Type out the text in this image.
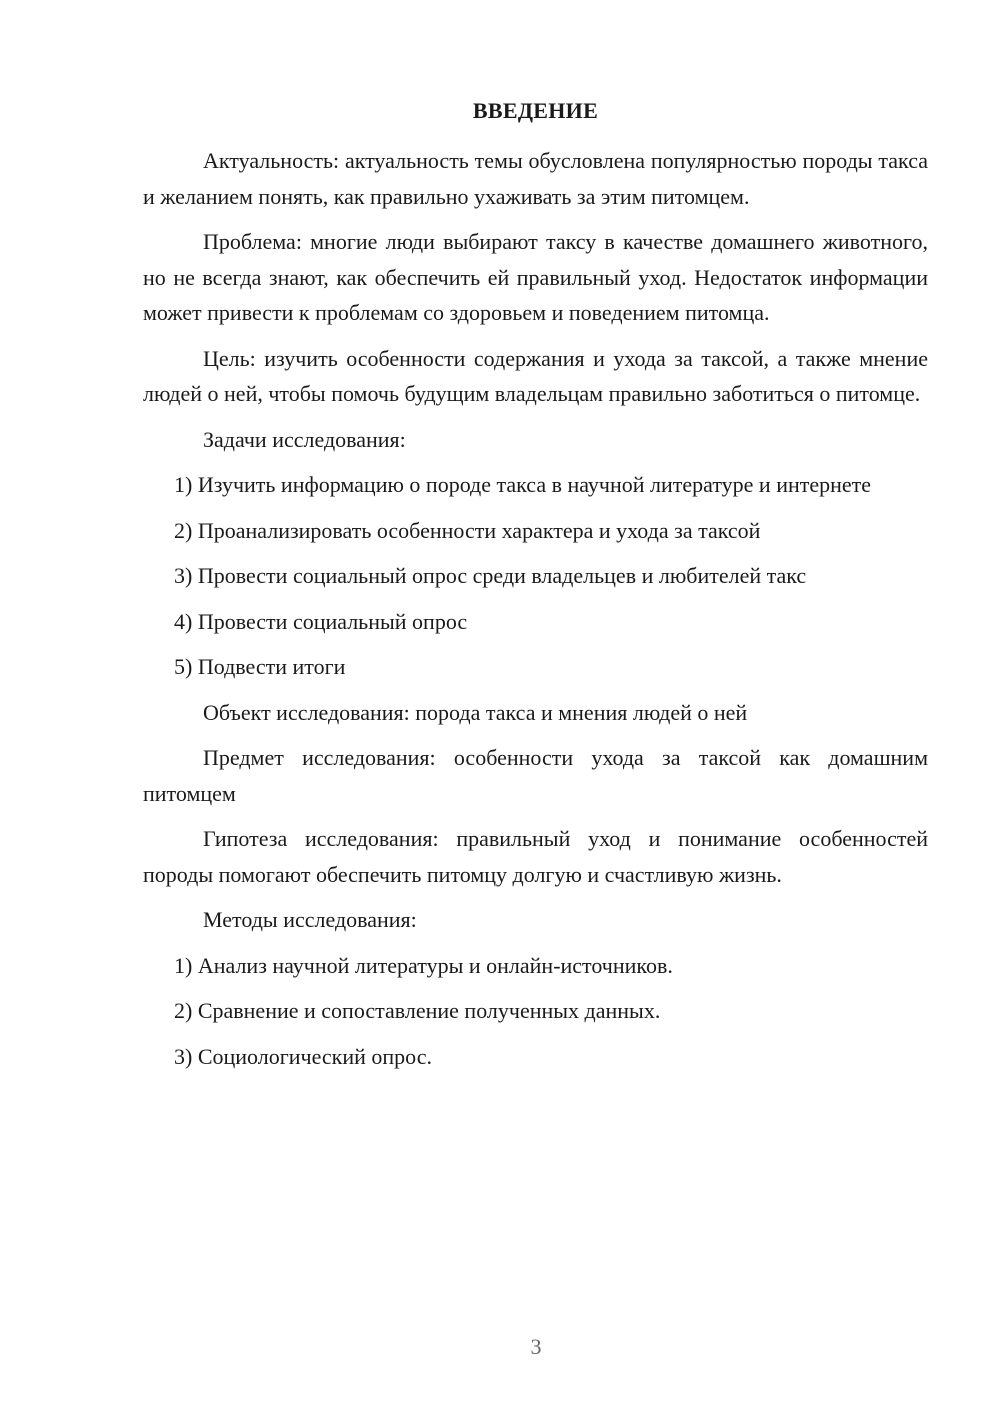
ВВЕДЕНИЕ

Актуальность: актуальность темы обусловлена популярностью породы такса и желанием понять, как правильно ухаживать за этим питомцем.

Проблема: многие люди выбирают таксу в качестве домашнего животного, но не всегда знают, как обеспечить ей правильный уход. Недостаток информации может привести к проблемам со здоровьем и поведением питомца.

Цель: изучить особенности содержания и ухода за таксой, а также мнение людей о ней, чтобы помочь будущим владельцам правильно заботиться о питомце.

Задачи исследования:

1) Изучить информацию о породе такса в научной литературе и интернете

2) Проанализировать особенности характера и ухода за таксой

3) Провести социальный опрос среди владельцев и любителей такс

4) Провести социальный опрос

5) Подвести итоги

Объект исследования: порода такса и мнения людей о ней

Предмет исследования: особенности ухода за таксой как домашним питомцем

Гипотеза исследования: правильный уход и понимание особенностей породы помогают обеспечить питомцу долгую и счастливую жизнь.

Методы исследования:

1) Анализ научной литературы и онлайн-источников.

2) Сравнение и сопоставление полученных данных.

3) Социологический опрос.

3
